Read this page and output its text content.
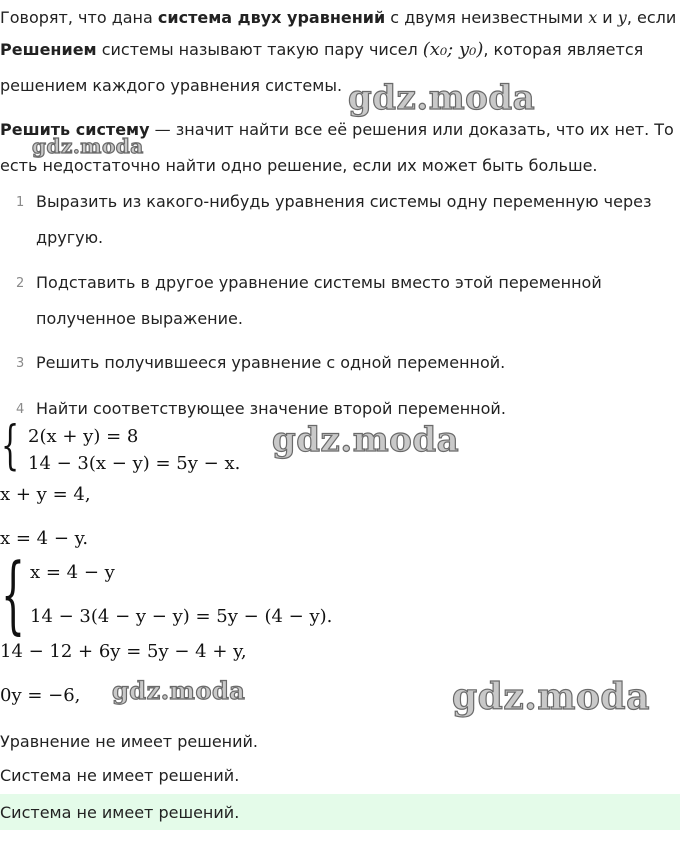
Говорят, что дана система двух уравнений с двумя неизвестными x и y, если
Решением системы называют такую пару чисел (x₀; y₀), которая является
решением каждого уравнения системы.
Решить систему — значит найти все её решения или доказать, что их нет. То
есть недостаточно найти одно решение, если их может быть больше.
1 Выразить из какого-нибудь уравнения системы одну переменную через
другую.
2 Подставить в другое уравнение системы вместо этой переменной
полученное выражение.
3 Решить получившееся уравнение с одной переменной.
4 Найти соответствующее значение второй переменной.
{ 2(x + y) = 8
14 − 3(x − y) = 5y − x.
x + y = 4,
x = 4 − y.
{ x = 4 − y
14 − 3(4 − y − y) = 5y − (4 − y).
14 − 12 + 6y = 5y − 4 + y,
0y = −6,
Уравнение не имеет решений.
Система не имеет решений.
Система не имеет решений.
gdz.moda
gdz.moda
gdz.moda
gdz.moda	gdz.moda
